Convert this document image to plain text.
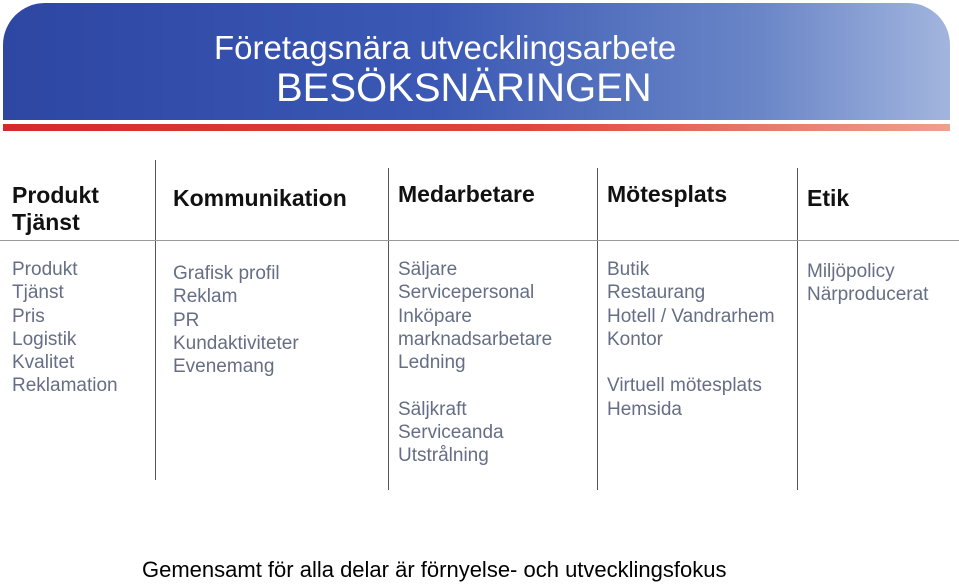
Företagsnära utvecklingsarbete
BESÖKSNÄRINGEN
Produkt
Tjänst
Produkt
Tjänst
Pris
Logistik
Kvalitet
Reklamation
Kommunikation
Grafisk profil
Reklam
PR
Kundaktiviteter
Evenemang
Medarbetare
Säljare
Servicepersonal
Inköpare
marknadsarbetare
Ledning
Säljkraft
Serviceanda
Utstrålning
Mötesplats
Butik
Restaurang
Hotell / Vandrarhem
Kontor
Virtuell mötesplats
Hemsida
Etik
Miljöpolicy
Närproducerat
Gemensamt för alla delar är förnyelse- och utvecklingsfokus
